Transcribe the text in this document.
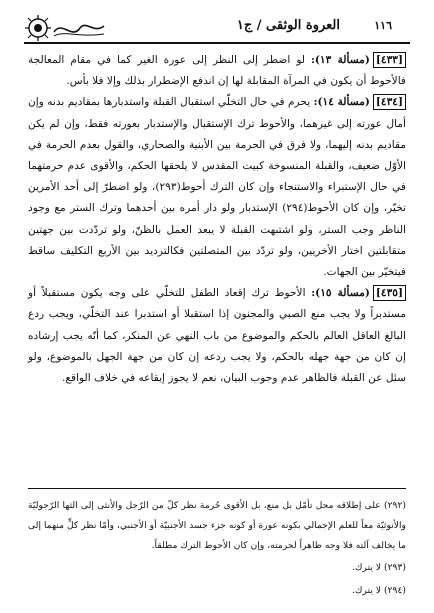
العروة الوثقى / ج١	١١٦

[٤٣٣](مسألة ١٣): لو اضطر إلى النظر إلى عورة الغير كما في مقام المعالجة فالأحوط أن يكون في المرآة المقابلة لها إن اندفع الإضطرار بذلك وإلا فلا بأس.

[٤٣٤](مسألة ١٤): يحرم في حال التخلّي استقبال القبلة واستدبارها بمقاديم بدنه وإن أمال عورته إلى غيرهما، والأحوط ترك الإستقبال والإستدبار بعورته فقط، وإن لم يكن مقاديم بدنه إليهما، ولا فرق في الحرمة بين الأبنية والصحاري، والقول بعدم الحرمة في الأوّل ضعيف، والقبلة المنسوخة كبيت المقدس لا يلحقها الحكم، والأقوى عدم حرمتهما في حال الإستبراء والاستنجاء وإن كان الترك أحوط(٢٩٣)، ولو اضطرّ إلى أحد الأمرين تخيّر، وإن كان الأحوط(٢٩٤) الإستدبار ولو دار أمره بين أحدهما وترك الستر مع وجود الناظر وجب الستر، ولو اشتبهت القبلة لا يبعد العمل بالظنّ، ولو تردّدت بين جهتين متقابلتين اختار الأخريين، ولو تردّد بين المتصلتين فكالترديد بين الأربع التكليف ساقط فيتخيّر بين الجهات.

[٤٣٥](مسألة ١٥): الأحوط ترك إقعاد الطفل للتخلّي على وجه يكون مستقبلاً أو مستدبراً ولا يجب منع الصبي والمجنون إذا استقبلا أو استدبرا عند التخلّي، ويجب ردع البالغ العاقل العالم بالحكم والموضوع من باب النهي عن المنكر، كما أنّه يجب إرشاده إن كان من جهة جهله بالحكم، ولا يجب ردعه إن كان من جهة الجهل بالموضوع، ولو سئل عن القبلة فالظاهر عدم وجوب البيان، نعم لا يجوز إيقاعه في خلاف الواقع.

(٢٩٢) على إطلاقه محل تأمّل بل منع، بل الأقوى حُرمة نظر كلّ من الرّجل والأنثى إلى الثها الرّجوليّة والأنوثيّة معاً للعلم الإجمالي بكونه عورة أو كونه جزء جسد الأجنبيّة أو الأجنبي، وأمّا نظر كلٍّ منهما إلى ما يخالف آلته فلا وجه ظاهراً لحرمته، وإن كان الأحوط الترك مطلقاً.

(٢٩٣) لا يترك.

(٢٩٤) لا يترك.
